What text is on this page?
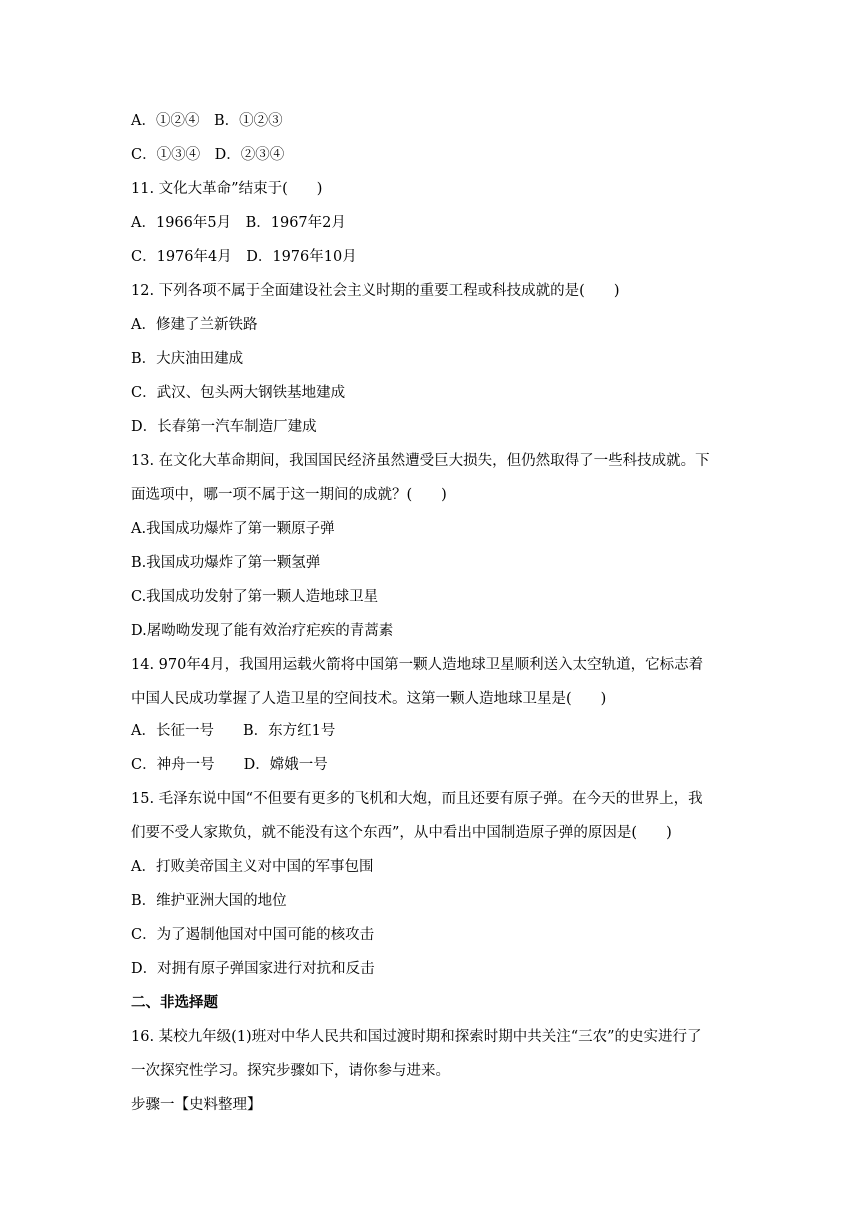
A．①②④　B．①②③
C．①③④　D．②③④
11. 文化大革命”结束于(　　)
A．1966年5月　B．1967年2月
C．1976年4月　D．1976年10月
12. 下列各项不属于全面建设社会主义时期的重要工程或科技成就的是(　　)
A．修建了兰新铁路
B．大庆油田建成
C．武汉、包头两大钢铁基地建成
D．长春第一汽车制造厂建成
13. 在文化大革命期间，我国国民经济虽然遭受巨大损失，但仍然取得了一些科技成就。下
面选项中，哪一项不属于这一期间的成就？(　　)
A.我国成功爆炸了第一颗原子弹
B.我国成功爆炸了第一颗氢弹
C.我国成功发射了第一颗人造地球卫星
D.屠呦呦发现了能有效治疗疟疾的青蒿素
14. 970年4月，我国用运载火箭将中国第一颗人造地球卫星顺利送入太空轨道，它标志着
中国人民成功掌握了人造卫星的空间技术。这第一颗人造地球卫星是(　　)
A．长征一号　　B．东方红1号
C．神舟一号　　D．嫦娥一号
15. 毛泽东说中国“不但要有更多的飞机和大炮，而且还要有原子弹。在今天的世界上，我
们要不受人家欺负，就不能没有这个东西”，从中看出中国制造原子弹的原因是(　　)
A．打败美帝国主义对中国的军事包围
B．维护亚洲大国的地位
C．为了遏制他国对中国可能的核攻击
D．对拥有原子弹国家进行对抗和反击
二、非选择题
16. 某校九年级(1)班对中华人民共和国过渡时期和探索时期中共关注“三农”的史实进行了
一次探究性学习。探究步骤如下，请你参与进来。
步骤一【史料整理】
